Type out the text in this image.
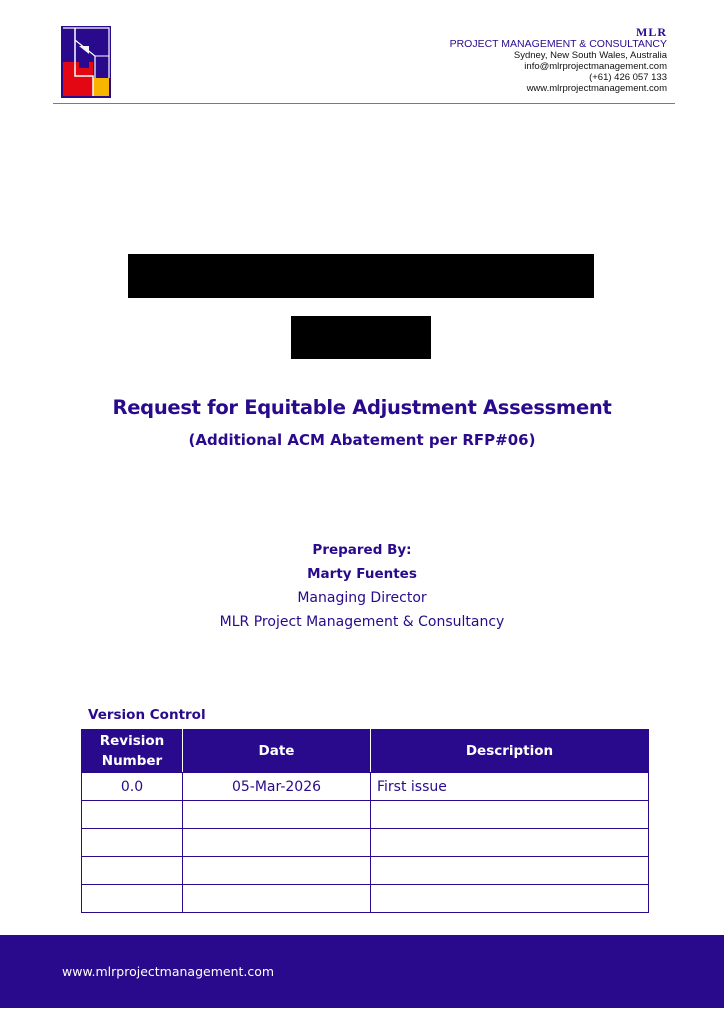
MLR
PROJECT MANAGEMENT & CONSULTANCY
Sydney, New South Wales, Australia
info@mlrprojectmanagement.com
(+61) 426 057 133
www.mlrprojectmanagement.com
Request for Equitable Adjustment Assessment
(Additional ACM Abatement per RFP#06)
Prepared By:
Marty Fuentes
Managing Director
MLR Project Management & Consultancy
Version Control
Revision
Number	Date	Description
0.0	05-Mar-2026	First issue

www.mlrprojectmanagement.com
